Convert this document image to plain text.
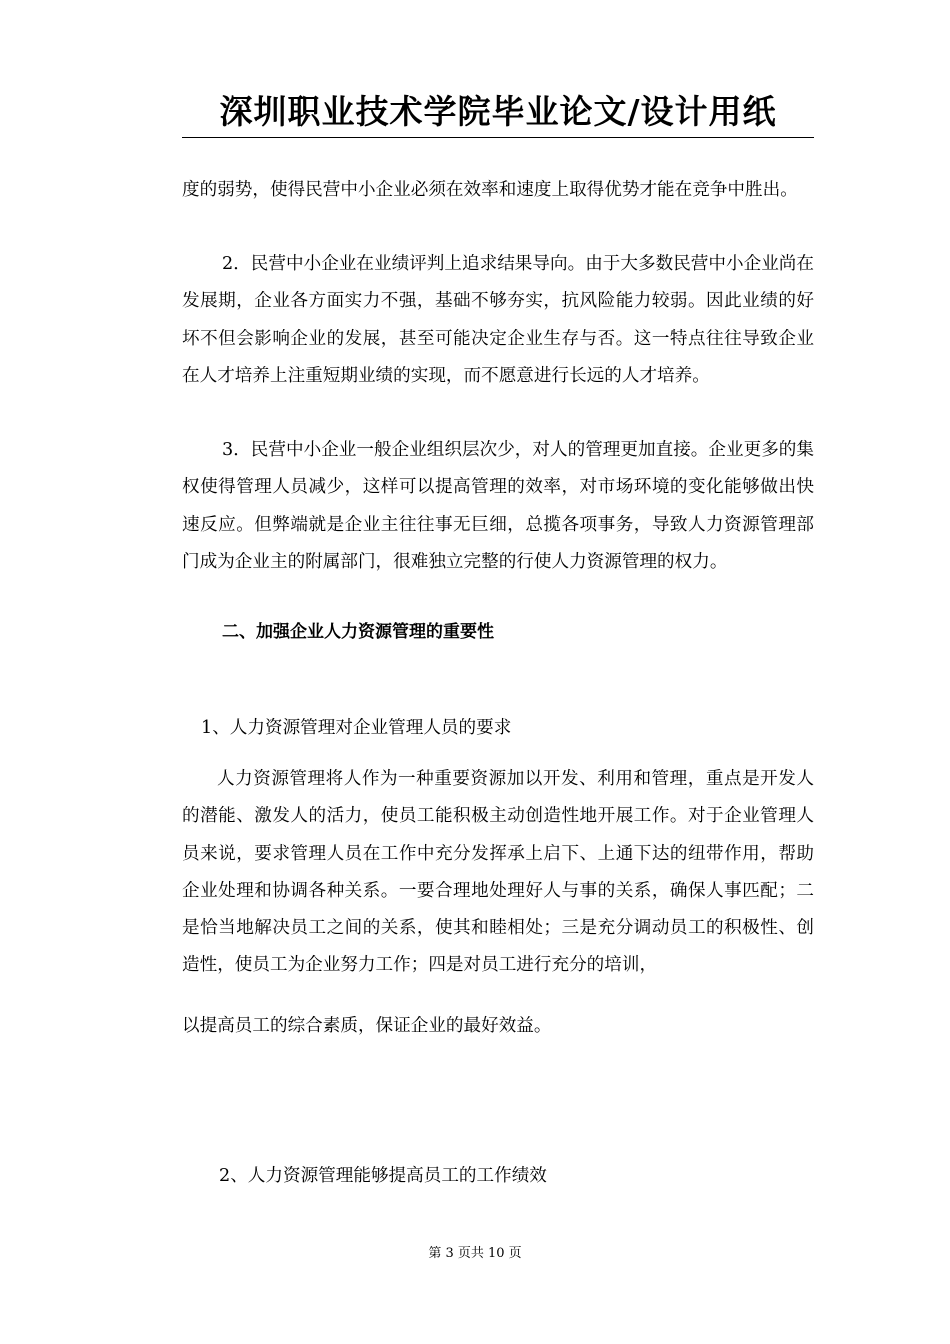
深圳职业技术学院毕业论文/设计用纸
度的弱势，使得民营中小企业必须在效率和速度上取得优势才能在竞争中胜出。
2．民营中小企业在业绩评判上追求结果导向。由于大多数民营中小企业尚在发展期，企业各方面实力不强，基础不够夯实，抗风险能力较弱。因此业绩的好坏不但会影响企业的发展，甚至可能决定企业生存与否。这一特点往往导致企业在人才培养上注重短期业绩的实现，而不愿意进行长远的人才培养。
3．民营中小企业一般企业组织层次少，对人的管理更加直接。企业更多的集权使得管理人员减少，这样可以提高管理的效率，对市场环境的变化能够做出快速反应。但弊端就是企业主往往事无巨细，总揽各项事务，导致人力资源管理部门成为企业主的附属部门，很难独立完整的行使人力资源管理的权力。
二、加强企业人力资源管理的重要性
1、人力资源管理对企业管理人员的要求
人力资源管理将人作为一种重要资源加以开发、利用和管理，重点是开发人的潜能、激发人的活力，使员工能积极主动创造性地开展工作。对于企业管理人员来说，要求管理人员在工作中充分发挥承上启下、上通下达的纽带作用，帮助企业处理和协调各种关系。一要合理地处理好人与事的关系，确保人事匹配；二是恰当地解决员工之间的关系，使其和睦相处；三是充分调动员工的积极性、创造性，使员工为企业努力工作；四是对员工进行充分的培训，
以提高员工的综合素质，保证企业的最好效益。
2、人力资源管理能够提高员工的工作绩效
第 3 页共 10 页
